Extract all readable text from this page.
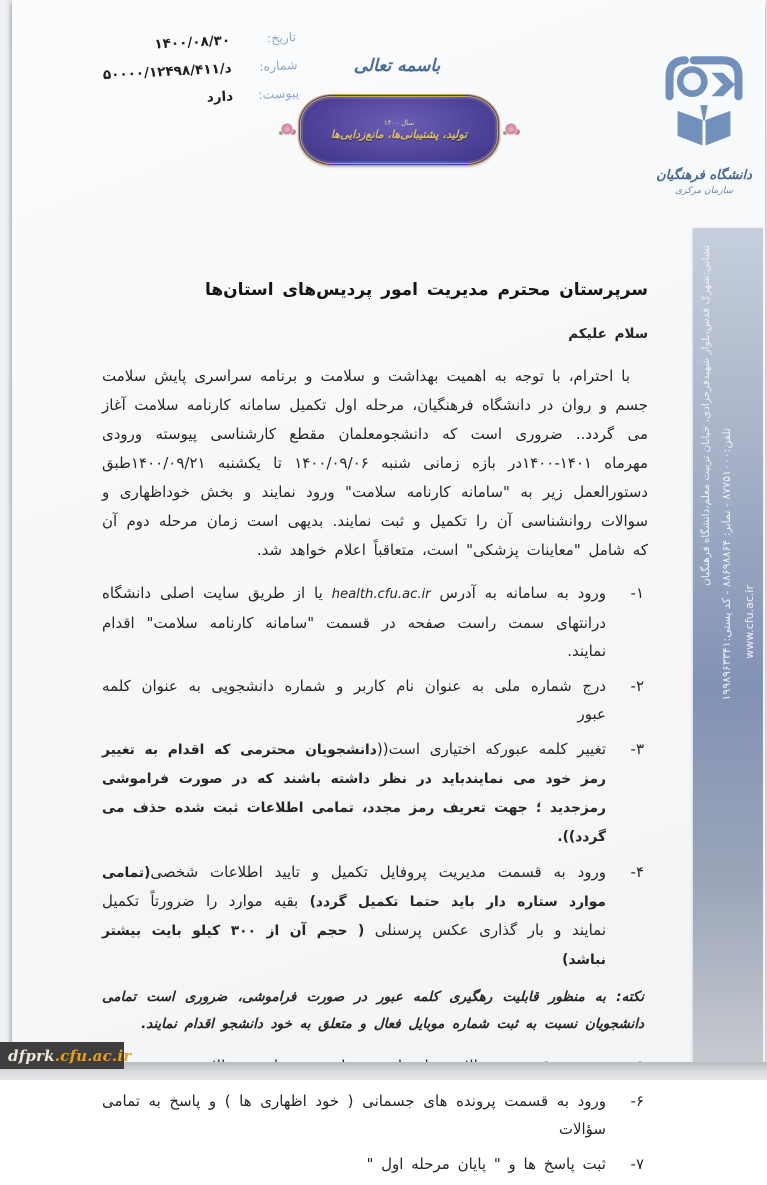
تاریخ:
۱۴۰۰/۰۸/۳۰
شماره:
د/۵۰۰۰۰/۱۲۴۹۸/۴۱۱
پیوست:
دارد
باسمه تعالی
سال ۱۴۰۰
تولید، پشتیبانی‌ها، مانع‌زدایی‌ها
دانشگاه فرهنگیان
سازمان مرکزی
سرپرستان محترم مدیریت امور پردیس‌های استان‌ها
سلام علیکم

با احترام، با توجه به اهمیت بهداشت و سلامت و برنامه سراسری پایش سلامت جسم و روان در دانشگاه فرهنگیان، مرحله اول تکمیل سامانه کارنامه سلامت آغاز می گردد.. ضروری است که دانشجومعلمان مقطع کارشناسی پیوسته ورودی مهرماه ۱۴۰۱-۱۴۰۰در بازه زمانی شنبه ۱۴۰۰/۰۹/۰۶ تا یکشنبه ۱۴۰۰/۰۹/۲۱طبق دستورالعمل زیر به "سامانه کارنامه سلامت" ورود نمایند و بخش خوداظهاری و سوالات روانشناسی آن را تکمیل و ثبت نمایند. بدیهی است زمان مرحله دوم آن که شامل "معاینات پزشکی" است، متعاقباً اعلام خواهد شد.

۱-
ورود به سامانه به آدرس health.cfu.ac.ir یا از طریق سایت اصلی دانشگاه درانتهای سمت راست صفحه در قسمت "سامانه کارنامه سلامت" اقدام نمایند.
۲-
درج شماره ملی به عنوان نام کاربر و شماره دانشجویی به عنوان کلمه عبور
۳-
تغییر کلمه عبورکه اختیاری است((دانشجویان محترمی که اقدام به تغییر رمز خود می نمایندباید در نظر داشته باشند که در صورت فراموشی رمزجدید ؛ جهت تعریف رمز مجدد، تمامی اطلاعات ثبت شده حذف می گردد)).
۴-
ورود به قسمت مدیریت پروفایل تکمیل و تایید اطلاعات شخصی(تمامی موارد ستاره دار باید حتما تکمیل گردد) بقیه موارد را ضرورتاً تکمیل نمایند و بار گذاری عکس پرسنلی ( حجم آن از ۳۰۰ کیلو بایت بیشتر نباشد)
نکته: به منظور قابلیت رهگیری کلمه عبور در صورت فراموشی، ضروری است تمامی دانشجویان نسبت به ثبت شماره موبایل فعال و متعلق به خود دانشجو اقدام نمایند.
۶-
ورود به قسمت پرونده های جسمانی ( خود اظهاری ها ) و پاسخ به تمامی سؤالات
۷-
ثبت پاسخ ها و " پایان مرحله اول "
نشانی:شهرک قدس،بلوار شهیدفرحزادی، خیابان تربیت معلم،دانشگاه فرهنگیان
تلفن:۸۷۷۵۱۰۰۰ - نمابر: ۸۸۶۹۸۸۶۴ - کد پستی:۱۹۹۸۹۶۳۳۴۱
www.cfu.ac.ir
dfprk .cfu.ac.ir
